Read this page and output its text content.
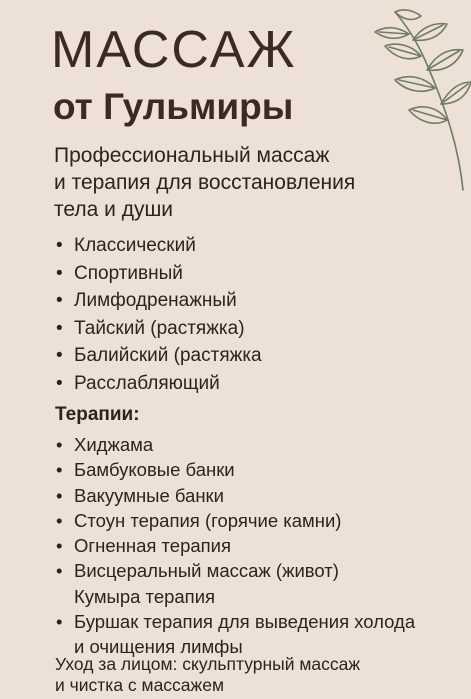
МАССАЖ
от Гульмиры

Профессиональный массаж
и терапия для восстановления
тела и души

• Классический
• Спортивный
• Лимфодренажный
• Тайский (растяжка)
• Балийский (растяжка
• Расслабляющий
Терапии:
• Хиджама
• Бамбуковые банки
• Вакуумные банки
• Стоун терапия (горячие камни)
• Огненная терапия
• Висцеральный массаж (живот)
Кумыра терапия
• Буршак терапия для выведения холода
и очищения лимфы

Уход за лицом: скульптурный массаж
и чистка с массажем
